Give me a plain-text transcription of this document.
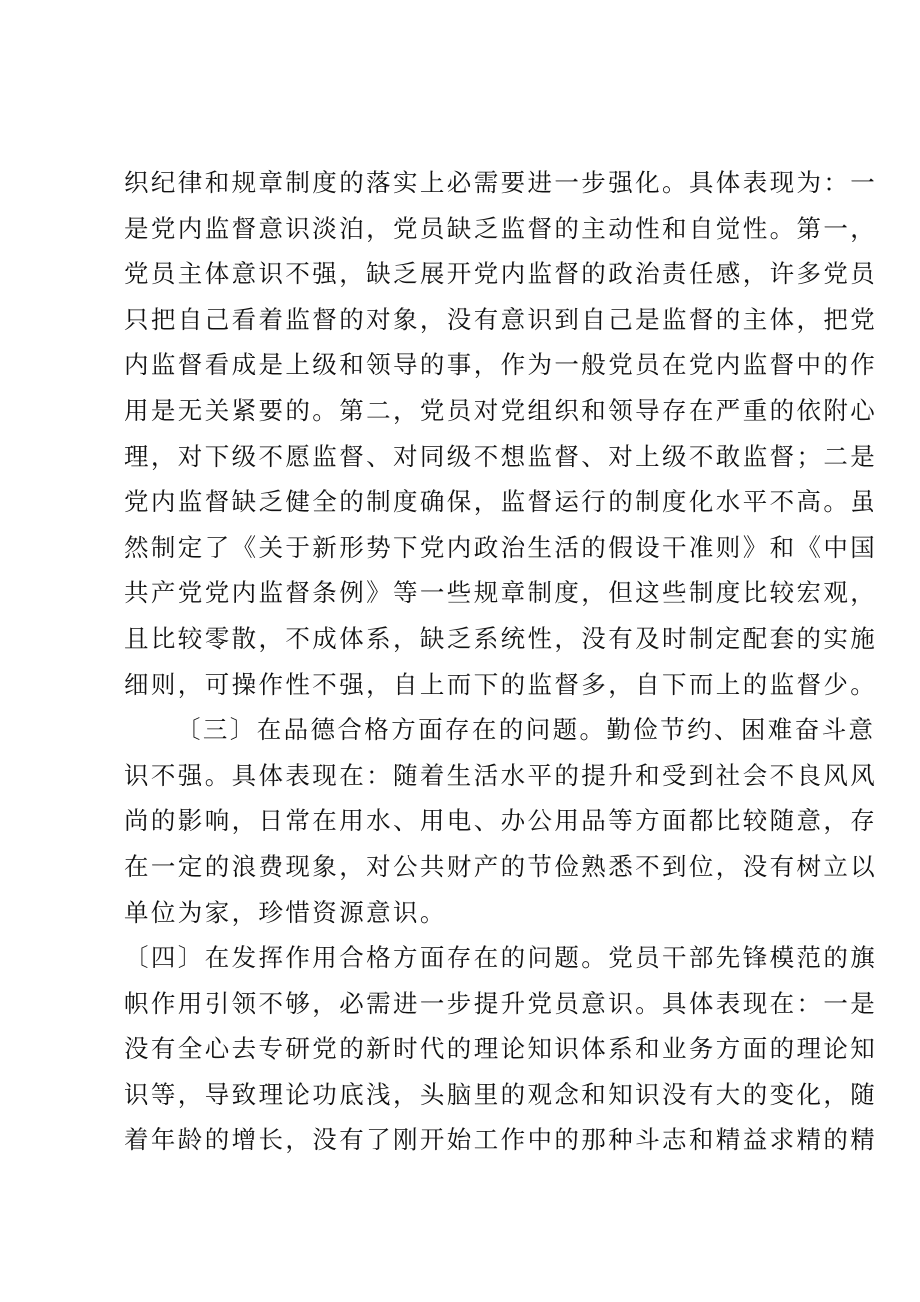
织纪律和规章制度的落实上必需要进一步强化。具体表现为：一
是党内监督意识淡泊，党员缺乏监督的主动性和自觉性。第一，
党员主体意识不强，缺乏展开党内监督的政治责任感，许多党员
只把自己看着监督的对象，没有意识到自己是监督的主体，把党
内监督看成是上级和领导的事，作为一般党员在党内监督中的作
用是无关紧要的。第二，党员对党组织和领导存在严重的依附心
理，对下级不愿监督、对同级不想监督、对上级不敢监督；二是
党内监督缺乏健全的制度确保，监督运行的制度化水平不高。虽
然制定了《关于新形势下党内政治生活的假设干准则》和《中国
共产党党内监督条例》等一些规章制度，但这些制度比较宏观，
且比较零散，不成体系，缺乏系统性，没有及时制定配套的实施
细则，可操作性不强，自上而下的监督多，自下而上的监督少。
〔三〕在品德合格方面存在的问题。勤俭节约、困难奋斗意
识不强。具体表现在：随着生活水平的提升和受到社会不良风风
尚的影响，日常在用水、用电、办公用品等方面都比较随意，存
在一定的浪费现象，对公共财产的节俭熟悉不到位，没有树立以
单位为家，珍惜资源意识。
〔四〕在发挥作用合格方面存在的问题。党员干部先锋模范的旗
帜作用引领不够，必需进一步提升党员意识。具体表现在：一是
没有全心去专研党的新时代的理论知识体系和业务方面的理论知
识等，导致理论功底浅，头脑里的观念和知识没有大的变化，随
着年龄的增长，没有了刚开始工作中的那种斗志和精益求精的精
